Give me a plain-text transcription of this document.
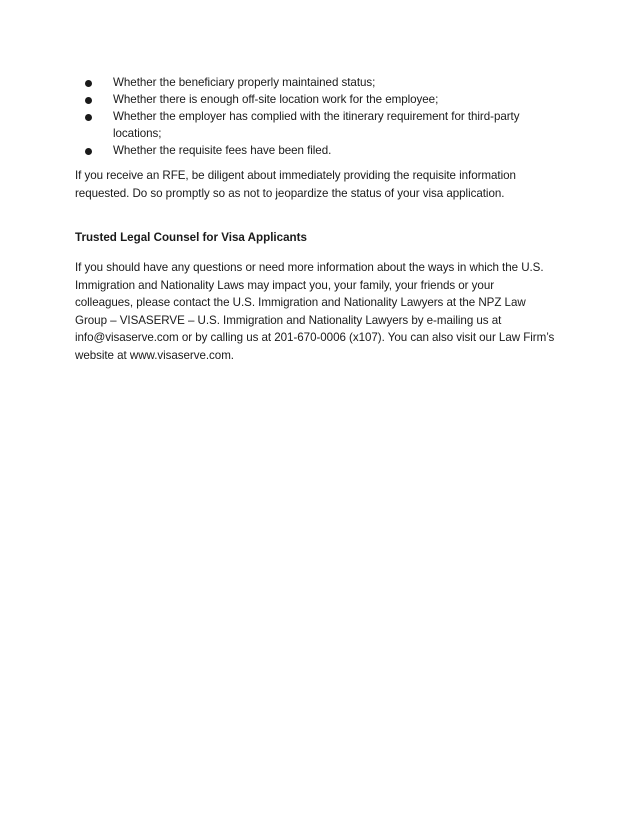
Whether the beneficiary properly maintained status;
Whether there is enough off-site location work for the employee;
Whether the employer has complied with the itinerary requirement for third-party locations;
Whether the requisite fees have been filed.

If you receive an RFE, be diligent about immediately providing the requisite information requested. Do so promptly so as not to jeopardize the status of your visa application.

Trusted Legal Counsel for Visa Applicants

If you should have any questions or need more information about the ways in which the U.S. Immigration and Nationality Laws may impact you, your family, your friends or your colleagues, please contact the U.S. Immigration and Nationality Lawyers at the NPZ Law Group – VISASERVE – U.S. Immigration and Nationality Lawyers by e-mailing us at info@visaserve.com or by calling us at 201-670-0006 (x107). You can also visit our Law Firm’s website at www.visaserve.com.
